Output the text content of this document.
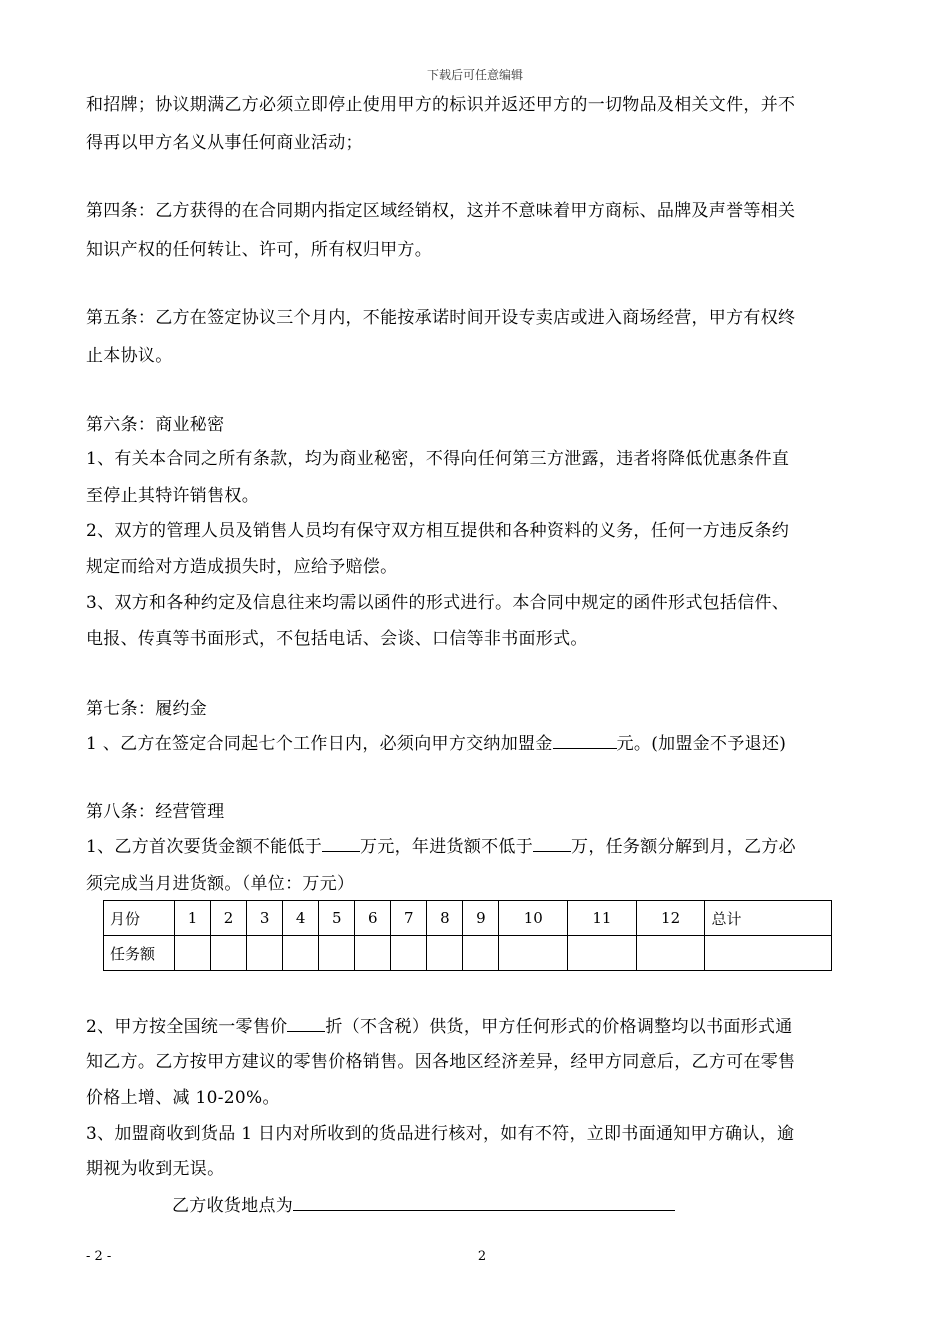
下载后可任意编辑
和招牌；协议期满乙方必须立即停止使用甲方的标识并返还甲方的一切物品及相关文件，并不
得再以甲方名义从事任何商业活动；
第四条：乙方获得的在合同期内指定区域经销权，这并不意味着甲方商标、品牌及声誉等相关
知识产权的任何转让、许可，所有权归甲方。
第五条：乙方在签定协议三个月内，不能按承诺时间开设专卖店或进入商场经营，甲方有权终
止本协议。
第六条：商业秘密
1、有关本合同之所有条款，均为商业秘密，不得向任何第三方泄露，违者将降低优惠条件直
至停止其特许销售权。
2、双方的管理人员及销售人员均有保守双方相互提供和各种资料的义务，任何一方违反条约
规定而给对方造成损失时，应给予赔偿。
3、双方和各种约定及信息往来均需以函件的形式进行。本合同中规定的函件形式包括信件、
电报、传真等书面形式，不包括电话、会谈、口信等非书面形式。
第七条：履约金
1 、乙方在签定合同起七个工作日内，必须向甲方交纳加盟金	元。(加盟金不予退还)
第八条：经营管理
1、乙方首次要货金额不能低于 万元，年进货额不低于 万，任务额分解到月，乙方必
须完成当月进货额。（单位：万元）
月份	1	2	3	4	5	6	7	8	9	10	11	12	总计
任务额													
2、甲方按全国统一零售价 折（不含税）供货，甲方任何形式的价格调整均以书面形式通
知乙方。乙方按甲方建议的零售价格销售。因各地区经济差异，经甲方同意后，乙方可在零售
价格上增、减 10-20%。
3、加盟商收到货品 1 日内对所收到的货品进行核对，如有不符，立即书面通知甲方确认，逾
期视为收到无误。
乙方收货地点为
- 2 -	2
